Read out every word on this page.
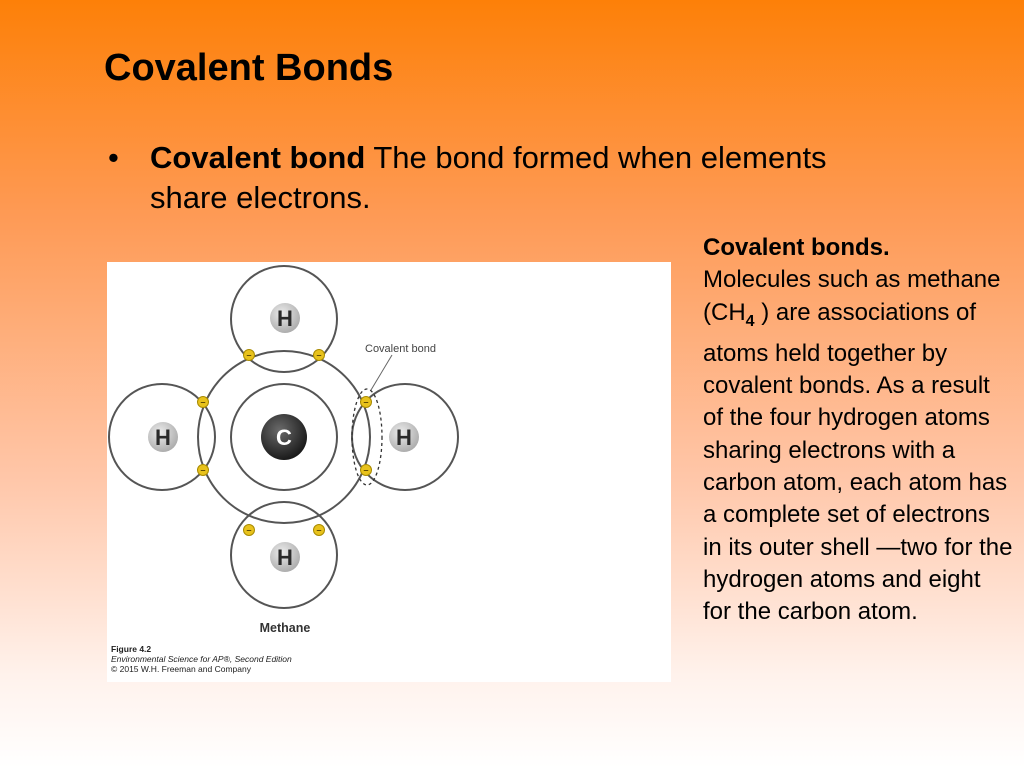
Covalent Bonds
• Covalent bond The bond formed when elements share electrons.
Covalent bond
C
H
H
H	H
–	–
–	–
–
–
–
–
Methane
Figure 4.2
Environmental Science for AP®, Second Edition
© 2015 W.H. Freeman and Company
Covalent bonds.
Molecules such as methane ($CH_4$ ) are associations of atoms held together by covalent bonds. As a result of the four hydrogen atoms sharing electrons with a carbon atom, each atom has a complete set of electrons in its outer shell —two for the hydrogen atoms and eight for the carbon atom.
